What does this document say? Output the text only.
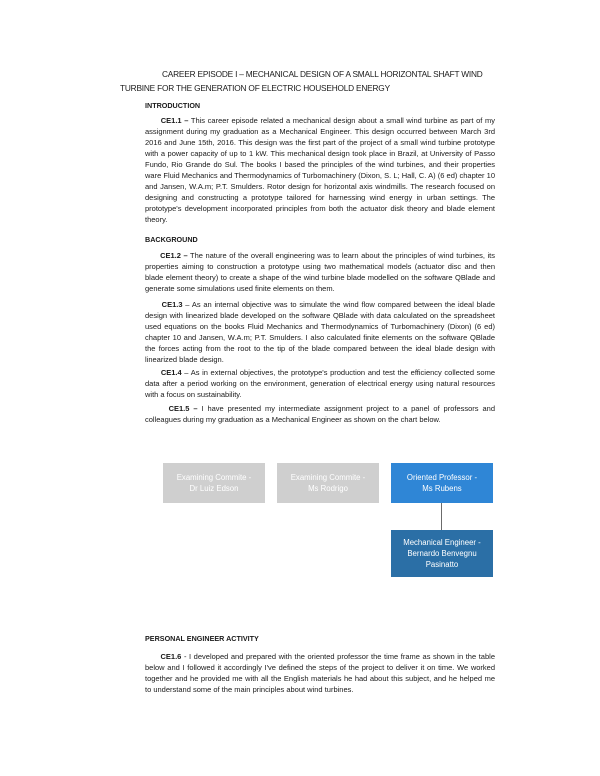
CAREER EPISODE I – MECHANICAL DESIGN OF A SMALL HORIZONTAL SHAFT WIND
TURBINE FOR THE GENERATION OF ELECTRIC HOUSEHOLD ENERGY
INTRODUCTION
CE1.1 – This career episode related a mechanical design about a small wind turbine as part of my assignment during my graduation as a Mechanical Engineer. This design occurred between March 3rd 2016 and June 15th, 2016. This design was the first part of the project of a small wind turbine prototype with a power capacity of up to 1 kW. This mechanical design took place in Brazil, at University of Passo Fundo, Rio Grande do Sul. The books I based the principles of the wind turbines, and their properties ware Fluid Mechanics and Thermodynamics of Turbomachinery (Dixon, S. L; Hall, C. A) (6 ed) chapter 10 and Jansen, W.A.m; P.T. Smulders. Rotor design for horizontal axis windmills. The research focused on designing and constructing a prototype tailored for harnessing wind energy in urban settings. The prototype's development incorporated principles from both the actuator disk theory and blade element theory.
BACKGROUND
CE1.2 – The nature of the overall engineering was to learn about the principles of wind turbines, its properties aiming to construction a prototype using two mathematical models (actuator disc and then blade element theory) to create a shape of the wind turbine blade modelled on the software QBlade and generate some simulations used finite elements on them.
CE1.3 – As an internal objective was to simulate the wind flow compared between the ideal blade design with linearized blade developed on the software QBlade with data calculated on the spreadsheet used equations on the books Fluid Mechanics and Thermodynamics of Turbomachinery (Dixon) (6 ed) chapter 10 and Jansen, W.A.m; P.T. Smulders. I also calculated finite elements on the software QBlade the forces acting from the root to the tip of the blade compared between the ideal blade design with linearized blade design.
CE1.4 – As in external objectives, the prototype's production and test the efficiency collected some data after a period working on the environment, generation of electrical energy using natural resources with a focus on sustainability.
CE1.5 – I have presented my intermediate assignment project to a panel of professors and colleagues during my graduation as a Mechanical Engineer as shown on the chart below.
Examining Commite -
Dr Luiz Edson
Examining Commite -
Ms Rodrigo
Oriented Professor -
Ms Rubens
Mechanical Engineer -
Bernardo Benvegnu
Pasinatto
PERSONAL ENGINEER ACTIVITY
CE1.6 - I developed and prepared with the oriented professor the time frame as shown in the table below and I followed it accordingly I've defined the steps of the project to deliver it on time. We worked together and he provided me with all the English materials he had about this subject, and he helped me to understand some of the main principles about wind turbines.
